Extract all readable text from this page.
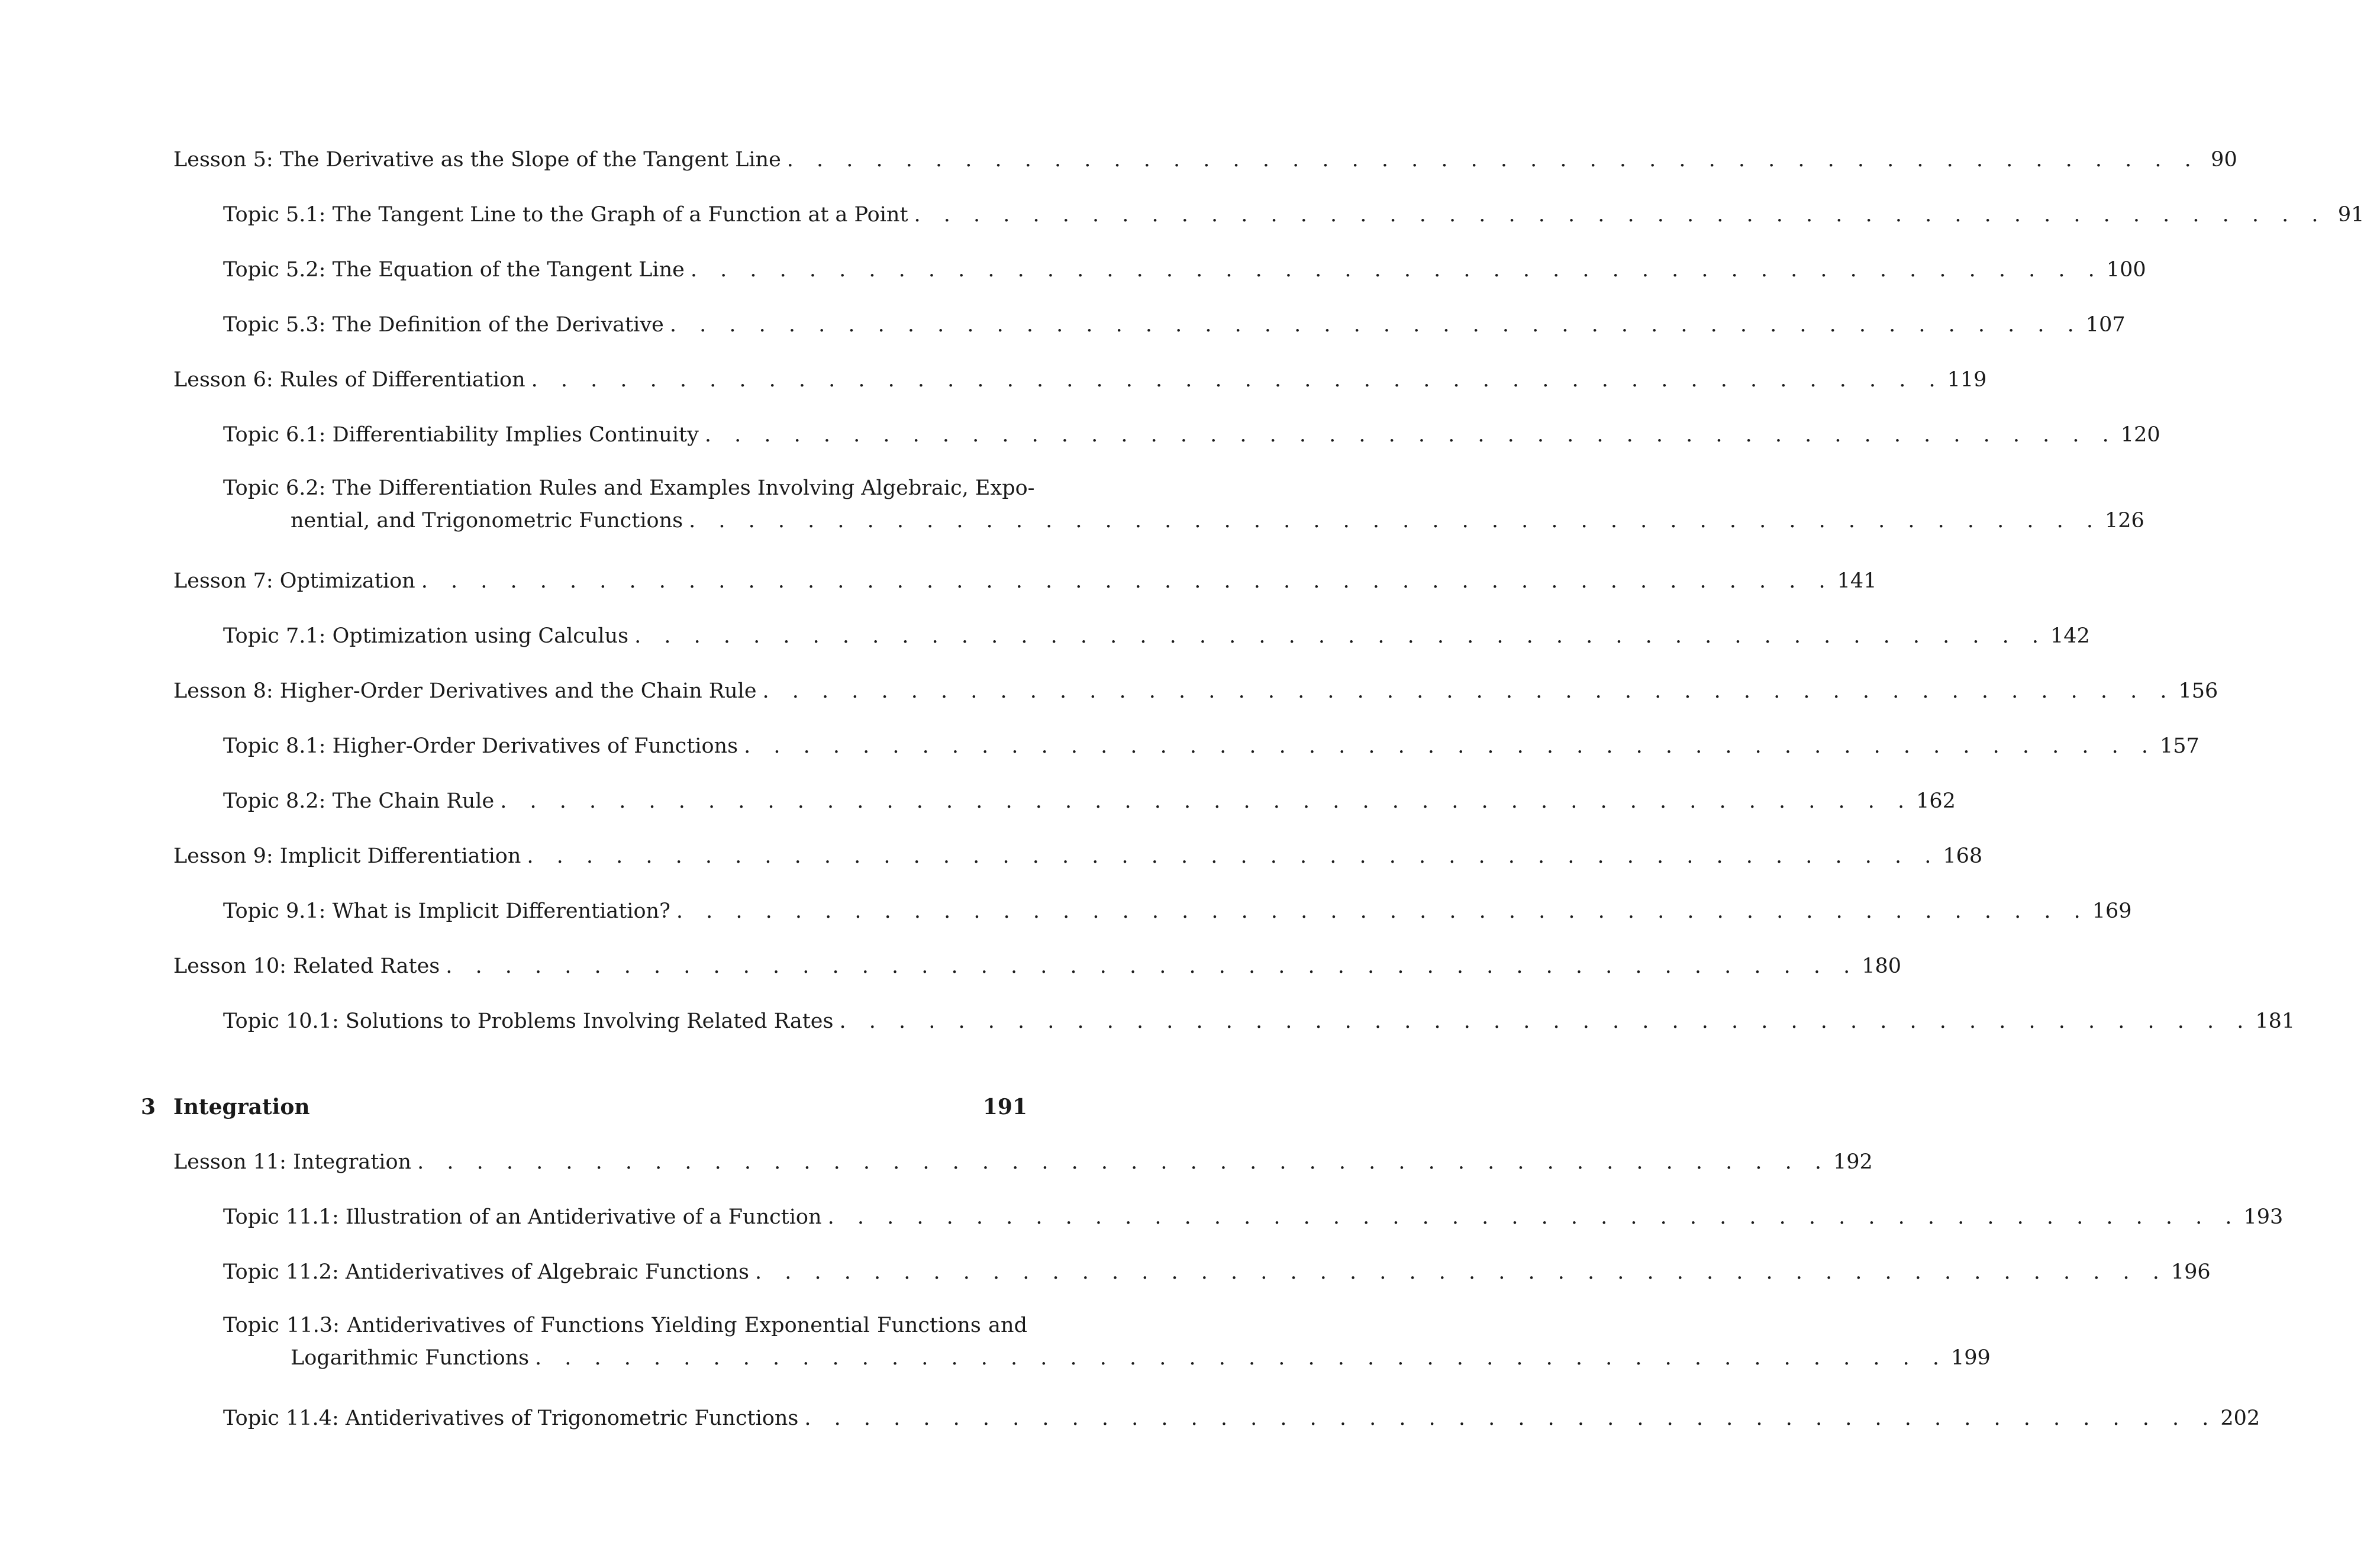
Lesson 5: The Derivative as the Slope of the Tangent Line . . . . . . . . . . . . . . . . . . . . . . . . . . . . . . . . . . . . . . . . . . . . . . . . 90
Topic 5.1: The Tangent Line to the Graph of a Function at a Point . . . . . . . . . . . . . . . . . . . . . . . . . . . . . . . . . . . . . . . . . . . . . . . . 91
Topic 5.2: The Equation of the Tangent Line . . . . . . . . . . . . . . . . . . . . . . . . . . . . . . . . . . . . . . . . . . . . . . . . 100
Topic 5.3: The Definition of the Derivative . . . . . . . . . . . . . . . . . . . . . . . . . . . . . . . . . . . . . . . . . . . . . . . . 107
Lesson 6: Rules of Differentiation . . . . . . . . . . . . . . . . . . . . . . . . . . . . . . . . . . . . . . . . . . . . . . . . 119
Topic 6.1: Differentiability Implies Continuity . . . . . . . . . . . . . . . . . . . . . . . . . . . . . . . . . . . . . . . . . . . . . . . . 120
Topic 6.2: The Differentiation Rules and Examples Involving Algebraic, Expo-
nential, and Trigonometric Functions . . . . . . . . . . . . . . . . . . . . . . . . . . . . . . . . . . . . . . . . . . . . . . . . 126
Lesson 7: Optimization . . . . . . . . . . . . . . . . . . . . . . . . . . . . . . . . . . . . . . . . . . . . . . . . 141
Topic 7.1: Optimization using Calculus . . . . . . . . . . . . . . . . . . . . . . . . . . . . . . . . . . . . . . . . . . . . . . . . 142
Lesson 8: Higher-Order Derivatives and the Chain Rule . . . . . . . . . . . . . . . . . . . . . . . . . . . . . . . . . . . . . . . . . . . . . . . . 156
Topic 8.1: Higher-Order Derivatives of Functions . . . . . . . . . . . . . . . . . . . . . . . . . . . . . . . . . . . . . . . . . . . . . . . . 157
Topic 8.2: The Chain Rule . . . . . . . . . . . . . . . . . . . . . . . . . . . . . . . . . . . . . . . . . . . . . . . . 162
Lesson 9: Implicit Differentiation . . . . . . . . . . . . . . . . . . . . . . . . . . . . . . . . . . . . . . . . . . . . . . . . 168
Topic 9.1: What is Implicit Differentiation? . . . . . . . . . . . . . . . . . . . . . . . . . . . . . . . . . . . . . . . . . . . . . . . . 169
Lesson 10: Related Rates . . . . . . . . . . . . . . . . . . . . . . . . . . . . . . . . . . . . . . . . . . . . . . . . 180
Topic 10.1: Solutions to Problems Involving Related Rates . . . . . . . . . . . . . . . . . . . . . . . . . . . . . . . . . . . . . . . . . . . . . . . . 181
3 Integration	191
Lesson 11: Integration . . . . . . . . . . . . . . . . . . . . . . . . . . . . . . . . . . . . . . . . . . . . . . . . 192
Topic 11.1: Illustration of an Antiderivative of a Function . . . . . . . . . . . . . . . . . . . . . . . . . . . . . . . . . . . . . . . . . . . . . . . . 193
Topic 11.2: Antiderivatives of Algebraic Functions . . . . . . . . . . . . . . . . . . . . . . . . . . . . . . . . . . . . . . . . . . . . . . . . 196
Topic 11.3: Antiderivatives of Functions Yielding Exponential Functions and
Logarithmic Functions . . . . . . . . . . . . . . . . . . . . . . . . . . . . . . . . . . . . . . . . . . . . . . . . 199
Topic 11.4: Antiderivatives of Trigonometric Functions . . . . . . . . . . . . . . . . . . . . . . . . . . . . . . . . . . . . . . . . . . . . . . . . 202
